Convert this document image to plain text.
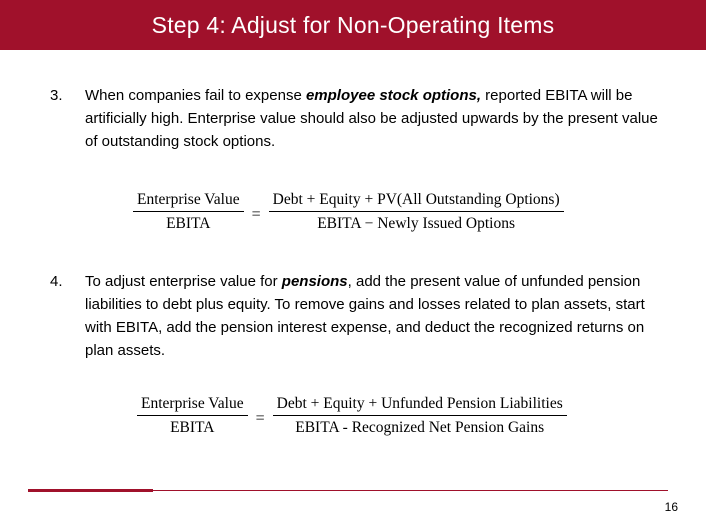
Step 4: Adjust for Non-Operating Items
3. When companies fail to expense employee stock options, reported EBITA will be artificially high. Enterprise value should also be adjusted upwards by the present value of outstanding stock options.
$\frac{\text{Enterprise Value}}{\text{EBITA}} = \frac{\text{Debt + Equity + PV(All Outstanding Options)}}{\text{EBITA − Newly Issued Options}}$
4. To adjust enterprise value for pensions, add the present value of unfunded pension liabilities to debt plus equity. To remove gains and losses related to plan assets, start with EBITA, add the pension interest expense, and deduct the recognized returns on plan assets.
$\frac{\text{Enterprise Value}}{\text{EBITA}} = \frac{\text{Debt + Equity + Unfunded Pension Liabilities}}{\text{EBITA - Recognized Net Pension Gains}}$
16
